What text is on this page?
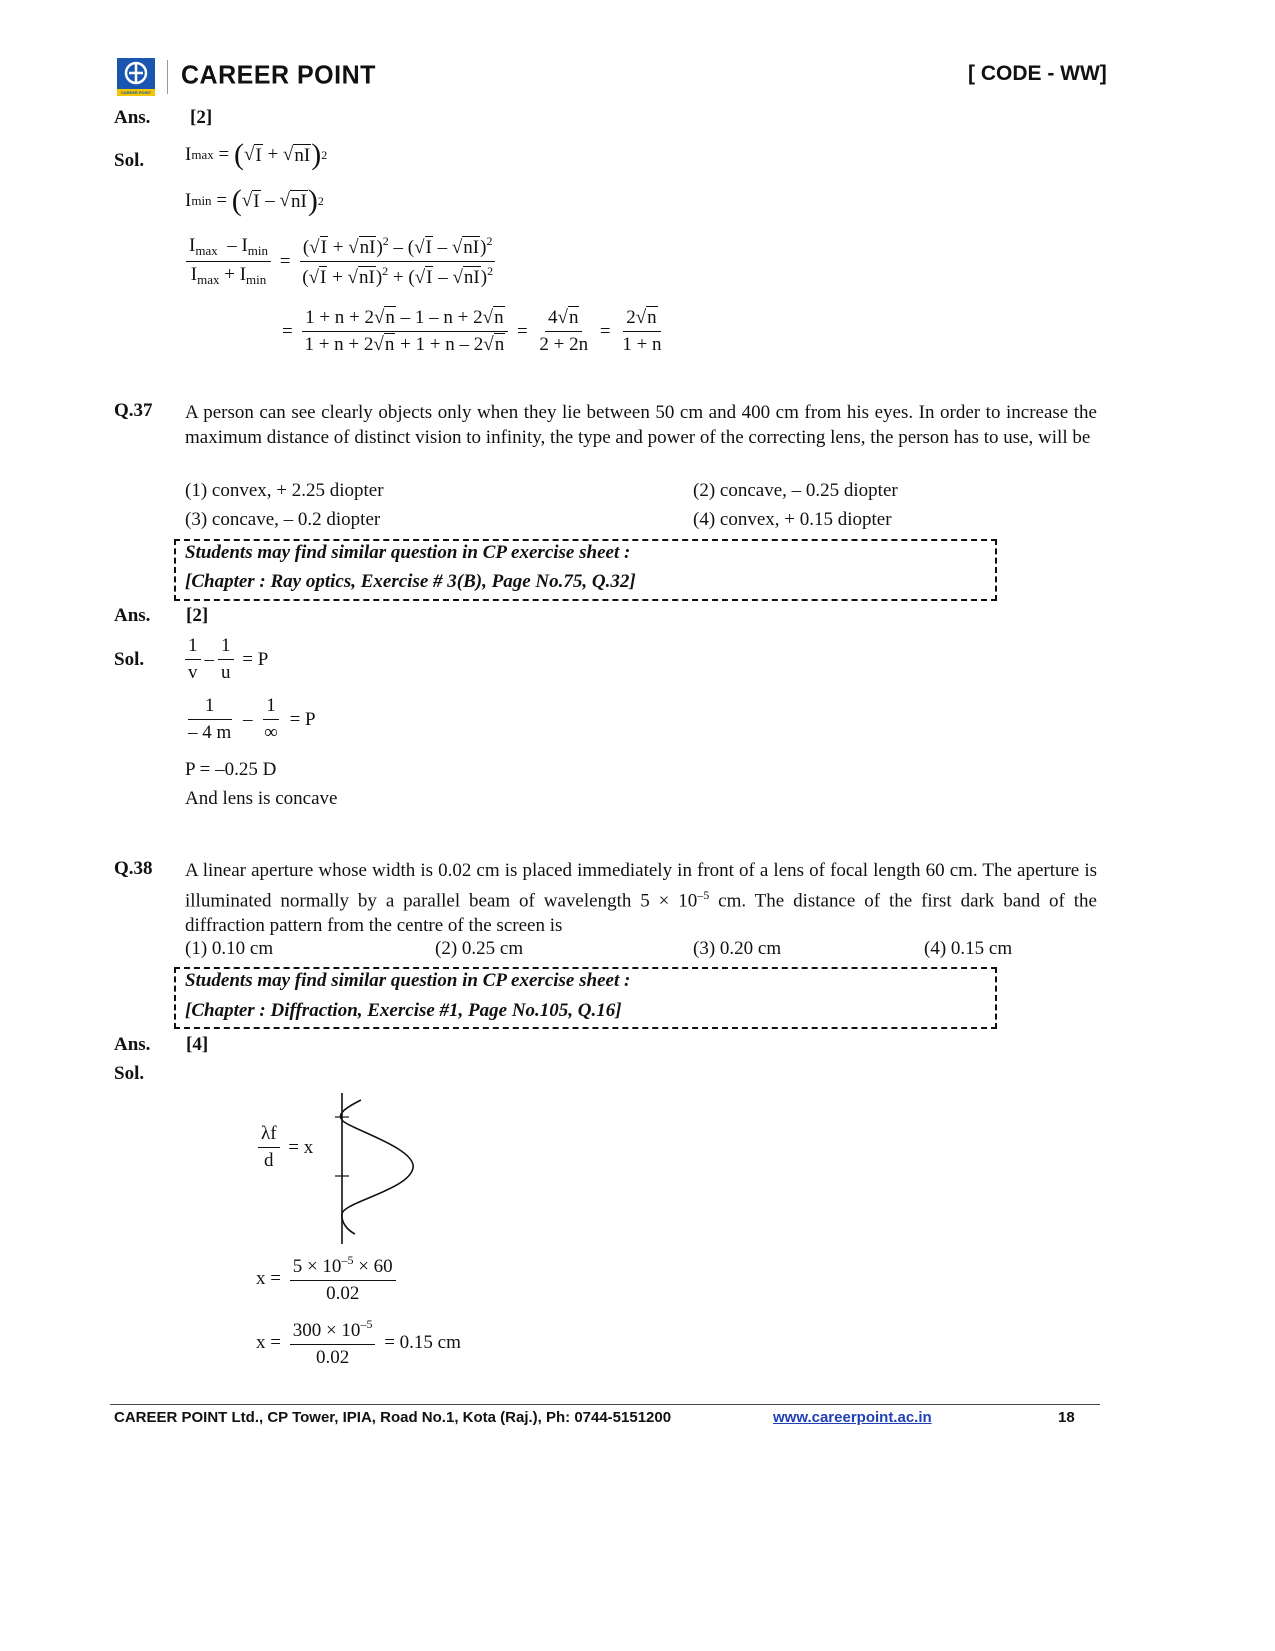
CAREER POINT
CAREER POINT	[ CODE - WW]
Ans. [2]
Sol. I max = ( √ I + √ nI ) 2
I min = ( √ I – √ nI ) 2
$\frac{I_{max} - I_{min}}{I_{max} + I_{min}} = \frac{(√I + √nI)^2 - (√I - √nI)^2}{(√I + √nI)^2 + (√I - √nI)^2}$
= $\frac{1 + n + 2√n - 1 - n + 2√n}{1 + n + 2√n + 1 + n - 2√n} = \frac{4√n}{2 + 2n} = \frac{2√n}{1 + n}$
Q.37 A person can see clearly objects only when they lie between 50 cm and 400 cm from his eyes. In order to increase the maximum distance of distinct vision to infinity, the type and power of the correcting lens, the person has to use, will be
(1) convex, + 2.25 diopter	(2) concave, – 0.25 diopter
(3) concave, – 0.2 diopter	(4) convex, + 0.15 diopter
Students may find similar question in CP exercise sheet :
[Chapter : Ray optics, Exercise # 3(B), Page No.75, Q.32]
Ans. [2]
Sol. $\frac{1}{v} - \frac{1}{u} = P$
$\frac{1}{- 4 m} - \frac{1}{\infty} = P$
P = –0.25 D
And lens is concave
Q.38 A linear aperture whose width is 0.02 cm is placed immediately in front of a lens of focal length 60 cm. The aperture is illuminated normally by a parallel beam of wavelength $5 \times 10^{-5}$ cm. The distance of the first dark band of the diffraction pattern from the centre of the screen is
(1) 0.10 cm	(2) 0.25 cm	(3) 0.20 cm	(4) 0.15 cm
Students may find similar question in CP exercise sheet :
[Chapter : Diffraction, Exercise #1, Page No.105, Q.16]
Ans. [4]
Sol.
$\frac{\lambda f}{d} = x$
$x = \frac{5 \times 10^{-5} \times 60}{0.02}$
$x = \frac{300 \times 10^{-5}}{0.02}$
= 0.15 cm
CAREER POINT Ltd., CP Tower, IPIA, Road No.1, Kota (Raj.), Ph: 0744-5151200	www.careerpoint.ac.in	18
